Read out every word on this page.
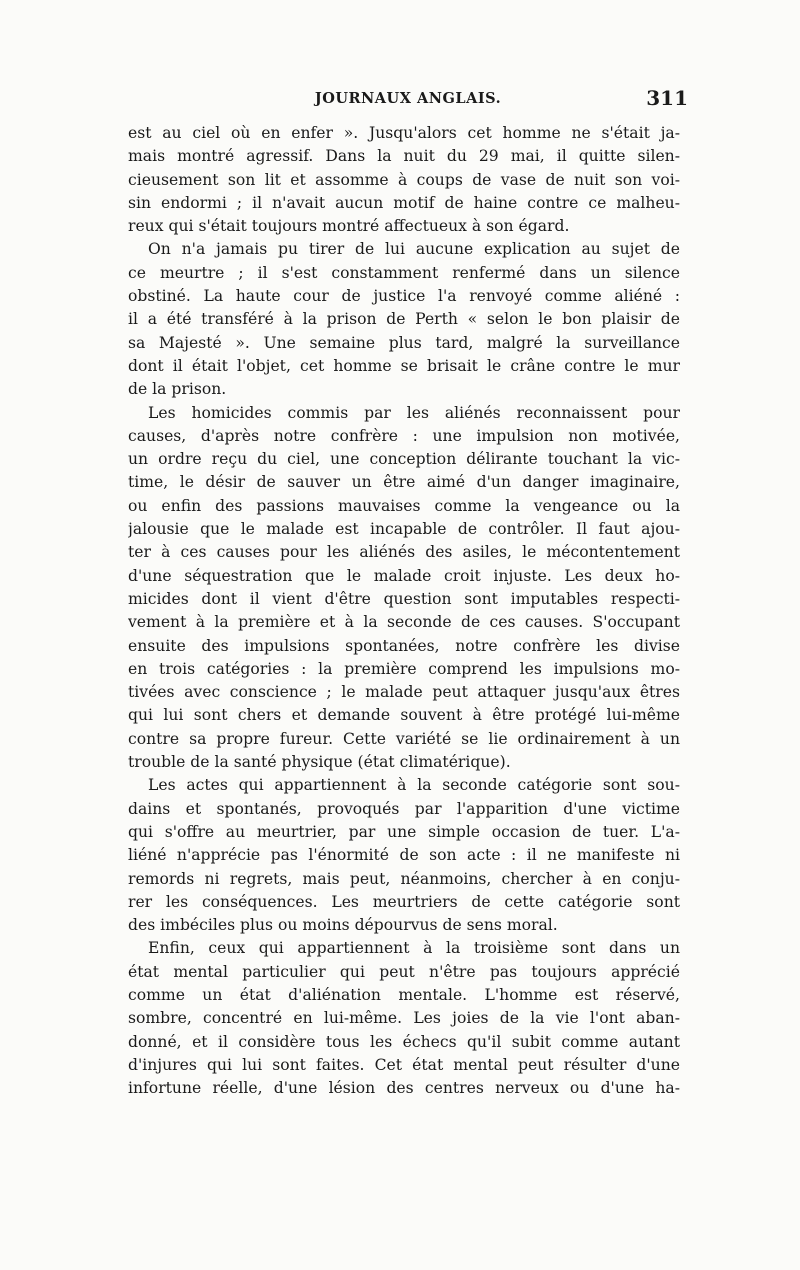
JOURNAUX ANGLAIS.	311
est au ciel où en enfer ». Jusqu'alors cet homme ne s'était ja-
mais montré agressif. Dans la nuit du 29 mai, il quitte silen-
cieusement son lit et assomme à coups de vase de nuit son voi-
sin endormi ; il n'avait aucun motif de haine contre ce malheu-
reux qui s'était toujours montré affectueux à son égard.
On n'a jamais pu tirer de lui aucune explication au sujet de
ce meurtre ; il s'est constamment renfermé dans un silence
obstiné. La haute cour de justice l'a renvoyé comme aliéné :
il a été transféré à la prison de Perth « selon le bon plaisir de
sa Majesté ». Une semaine plus tard, malgré la surveillance
dont il était l'objet, cet homme se brisait le crâne contre le mur
de la prison.
Les homicides commis par les aliénés reconnaissent pour
causes, d'après notre confrère : une impulsion non motivée,
un ordre reçu du ciel, une conception délirante touchant la vic-
time, le désir de sauver un être aimé d'un danger imaginaire,
ou enfin des passions mauvaises comme la vengeance ou la
jalousie que le malade est incapable de contrôler. Il faut ajou-
ter à ces causes pour les aliénés des asiles, le mécontentement
d'une séquestration que le malade croit injuste. Les deux ho-
micides dont il vient d'être question sont imputables respecti-
vement à la première et à la seconde de ces causes. S'occupant
ensuite des impulsions spontanées, notre confrère les divise
en trois catégories : la première comprend les impulsions mo-
tivées avec conscience ; le malade peut attaquer jusqu'aux êtres
qui lui sont chers et demande souvent à être protégé lui-même
contre sa propre fureur. Cette variété se lie ordinairement à un
trouble de la santé physique (état climatérique).
Les actes qui appartiennent à la seconde catégorie sont sou-
dains et spontanés, provoqués par l'apparition d'une victime
qui s'offre au meurtrier, par une simple occasion de tuer. L'a-
liéné n'apprécie pas l'énormité de son acte : il ne manifeste ni
remords ni regrets, mais peut, néanmoins, chercher à en conju-
rer les conséquences. Les meurtriers de cette catégorie sont
des imbéciles plus ou moins dépourvus de sens moral.
Enfin, ceux qui appartiennent à la troisième sont dans un
état mental particulier qui peut n'être pas toujours apprécié
comme un état d'aliénation mentale. L'homme est réservé,
sombre, concentré en lui-même. Les joies de la vie l'ont aban-
donné, et il considère tous les échecs qu'il subit comme autant
d'injures qui lui sont faites. Cet état mental peut résulter d'une
infortune réelle, d'une lésion des centres nerveux ou d'une ha-
